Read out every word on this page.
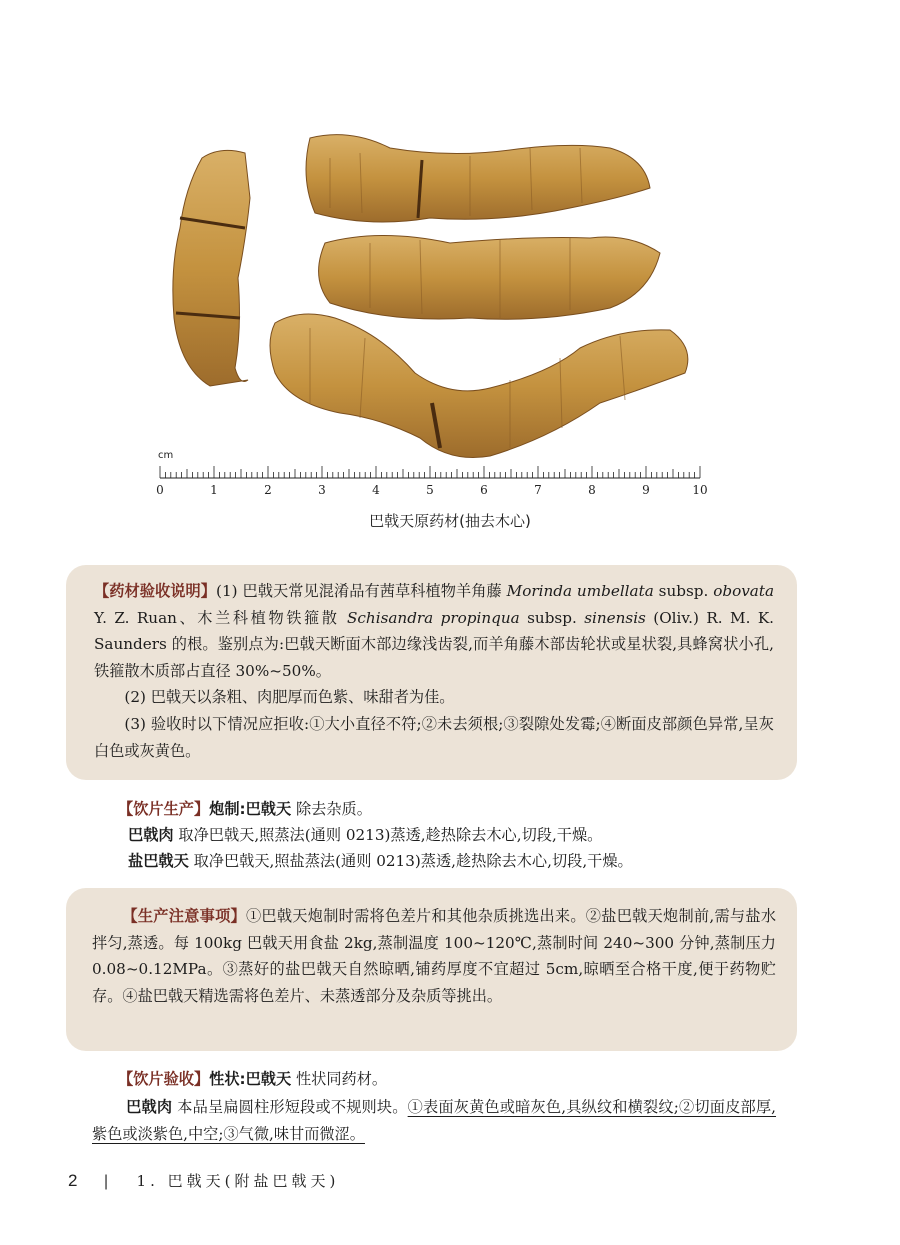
cm
0	1	2	3	4	5	6	7	8	9	10
巴戟天原药材(抽去木心)
【药材验收说明】(1) 巴戟天常见混淆品有茜草科植物羊角藤 Morinda umbellata subsp. obovata Y. Z. Ruan、木兰科植物铁箍散 Schisandra propinqua subsp. sinensis (Oliv.) R. M. K. Saunders 的根。鉴别点为:巴戟天断面木部边缘浅齿裂,而羊角藤木部齿轮状或星状裂,具蜂窝状小孔,铁箍散木质部占直径 30%~50%。
(2) 巴戟天以条粗、肉肥厚而色紫、味甜者为佳。
(3) 验收时以下情况应拒收:①大小直径不符;②未去须根;③裂隙处发霉;④断面皮部颜色异常,呈灰白色或灰黄色。
【饮片生产】炮制:巴戟天 除去杂质。
巴戟肉 取净巴戟天,照蒸法(通则 0213)蒸透,趁热除去木心,切段,干燥。
盐巴戟天 取净巴戟天,照盐蒸法(通则 0213)蒸透,趁热除去木心,切段,干燥。
【生产注意事项】①巴戟天炮制时需将色差片和其他杂质挑选出来。②盐巴戟天炮制前,需与盐水拌匀,蒸透。每 100kg 巴戟天用食盐 2kg,蒸制温度 100~120℃,蒸制时间 240~300 分钟,蒸制压力 0.08~0.12MPa。③蒸好的盐巴戟天自然晾晒,铺药厚度不宜超过 5cm,晾晒至合格干度,便于药物贮存。④盐巴戟天精选需将色差片、未蒸透部分及杂质等挑出。
【饮片验收】性状:巴戟天 性状同药材。
巴戟肉 本品呈扁圆柱形短段或不规则块。①表面灰黄色或暗灰色,具纵纹和横裂纹;②切面皮部厚,紫色或淡紫色,中空;③气微,味甘而微涩。
2 | 1. 巴戟天(附盐巴戟天)
